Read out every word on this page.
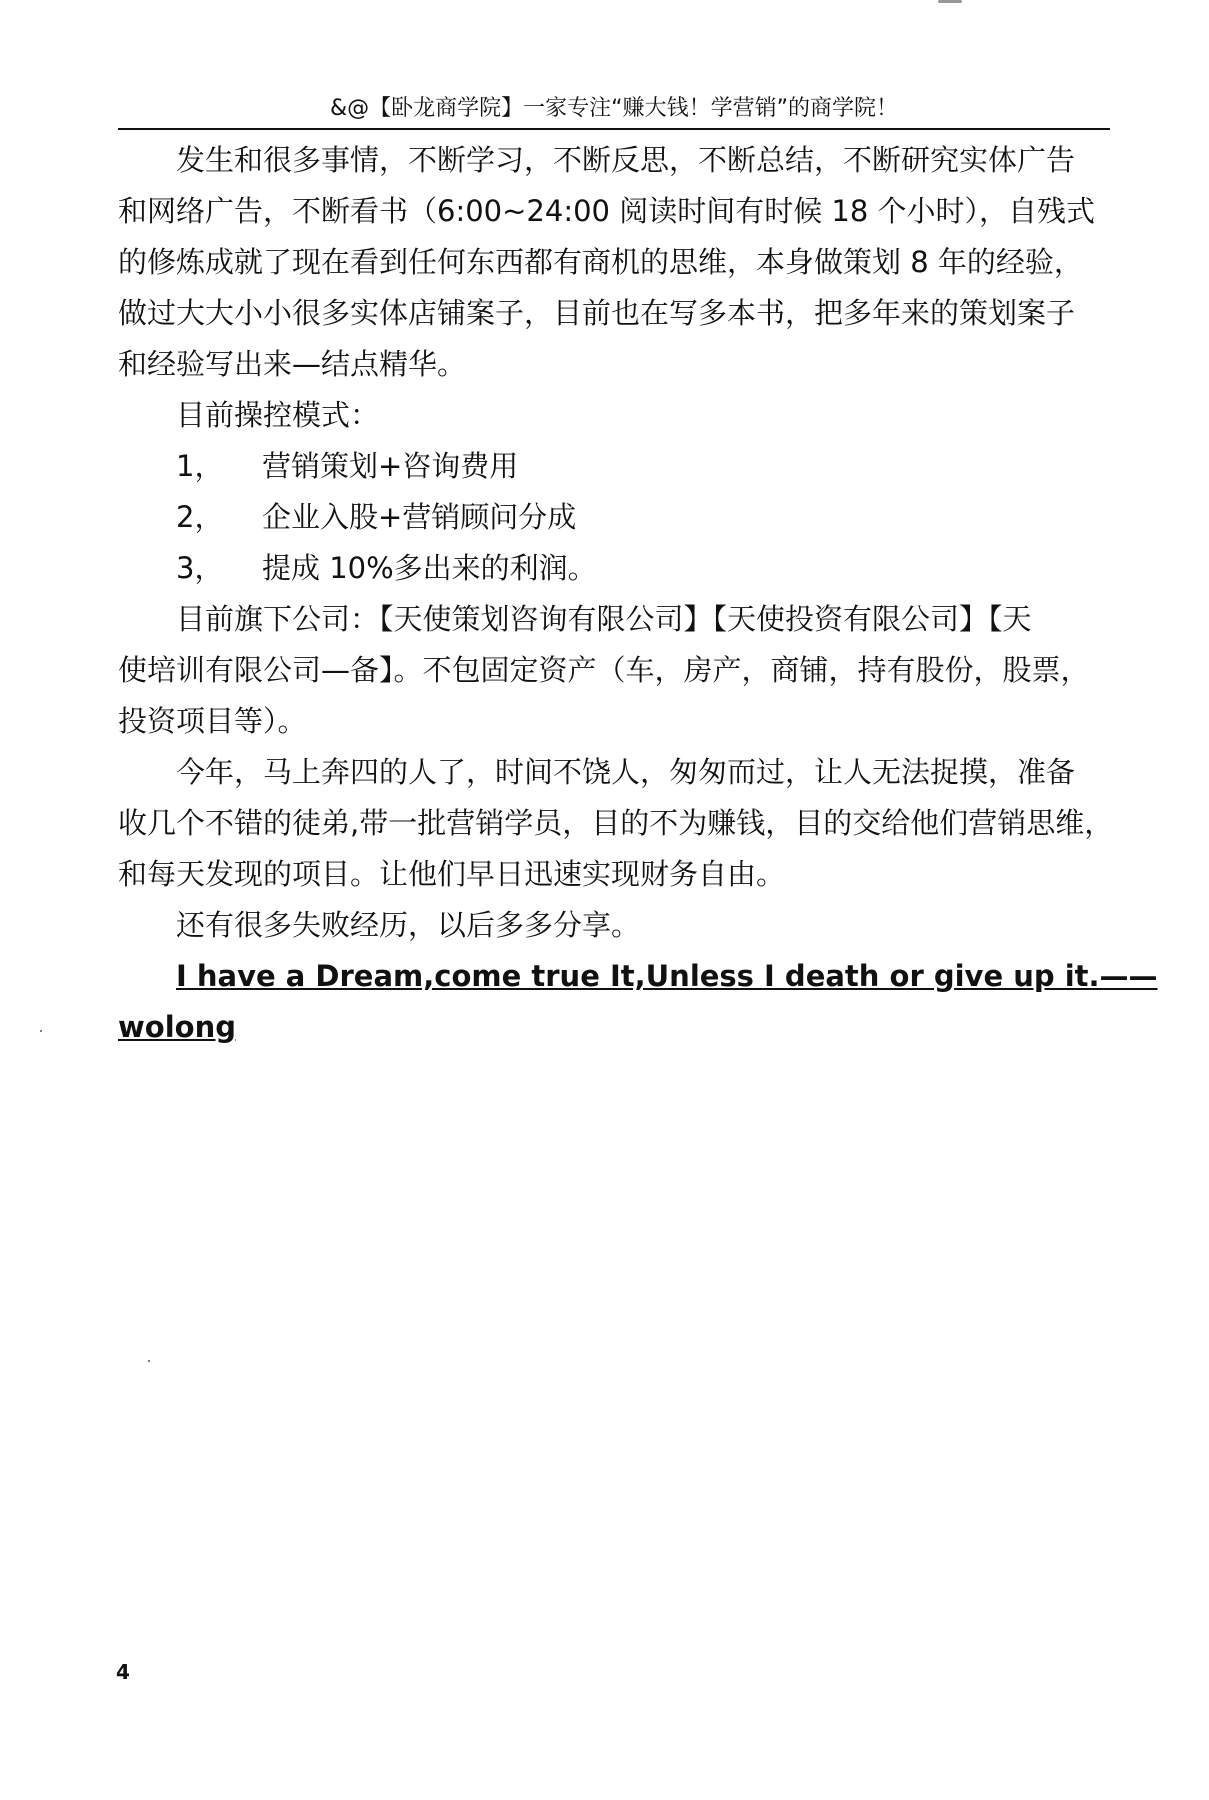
&@【卧龙商学院】一家专注“赚大钱！学营销”的商学院！

发生和很多事情，不断学习，不断反思，不断总结，不断研究实体广告

和网络广告，不断看书（6:00~24:00 阅读时间有时候 18 个小时），自残式

的修炼成就了现在看到任何东西都有商机的思维，本身做策划 8 年的经验，

做过大大小小很多实体店铺案子，目前也在写多本书，把多年来的策划案子

和经验写出来—结点精华。

目前操控模式：

1， 营销策划+咨询费用

2， 企业入股+营销顾问分成

3， 提成 10%多出来的利润。

目前旗下公司：【天使策划咨询有限公司】【天使投资有限公司】【天

使培训有限公司—备】。不包固定资产（车，房产，商铺，持有股份，股票，

投资项目等）。

今年，马上奔四的人了，时间不饶人，匆匆而过，让人无法捉摸，准备

收几个不错的徒弟,带一批营销学员，目的不为赚钱，目的交给他们营销思维，

和每天发现的项目。让他们早日迅速实现财务自由。

还有很多失败经历，以后多多分享。

I have a Dream,come true It,Unless I death or give up it.——

wolong

4
